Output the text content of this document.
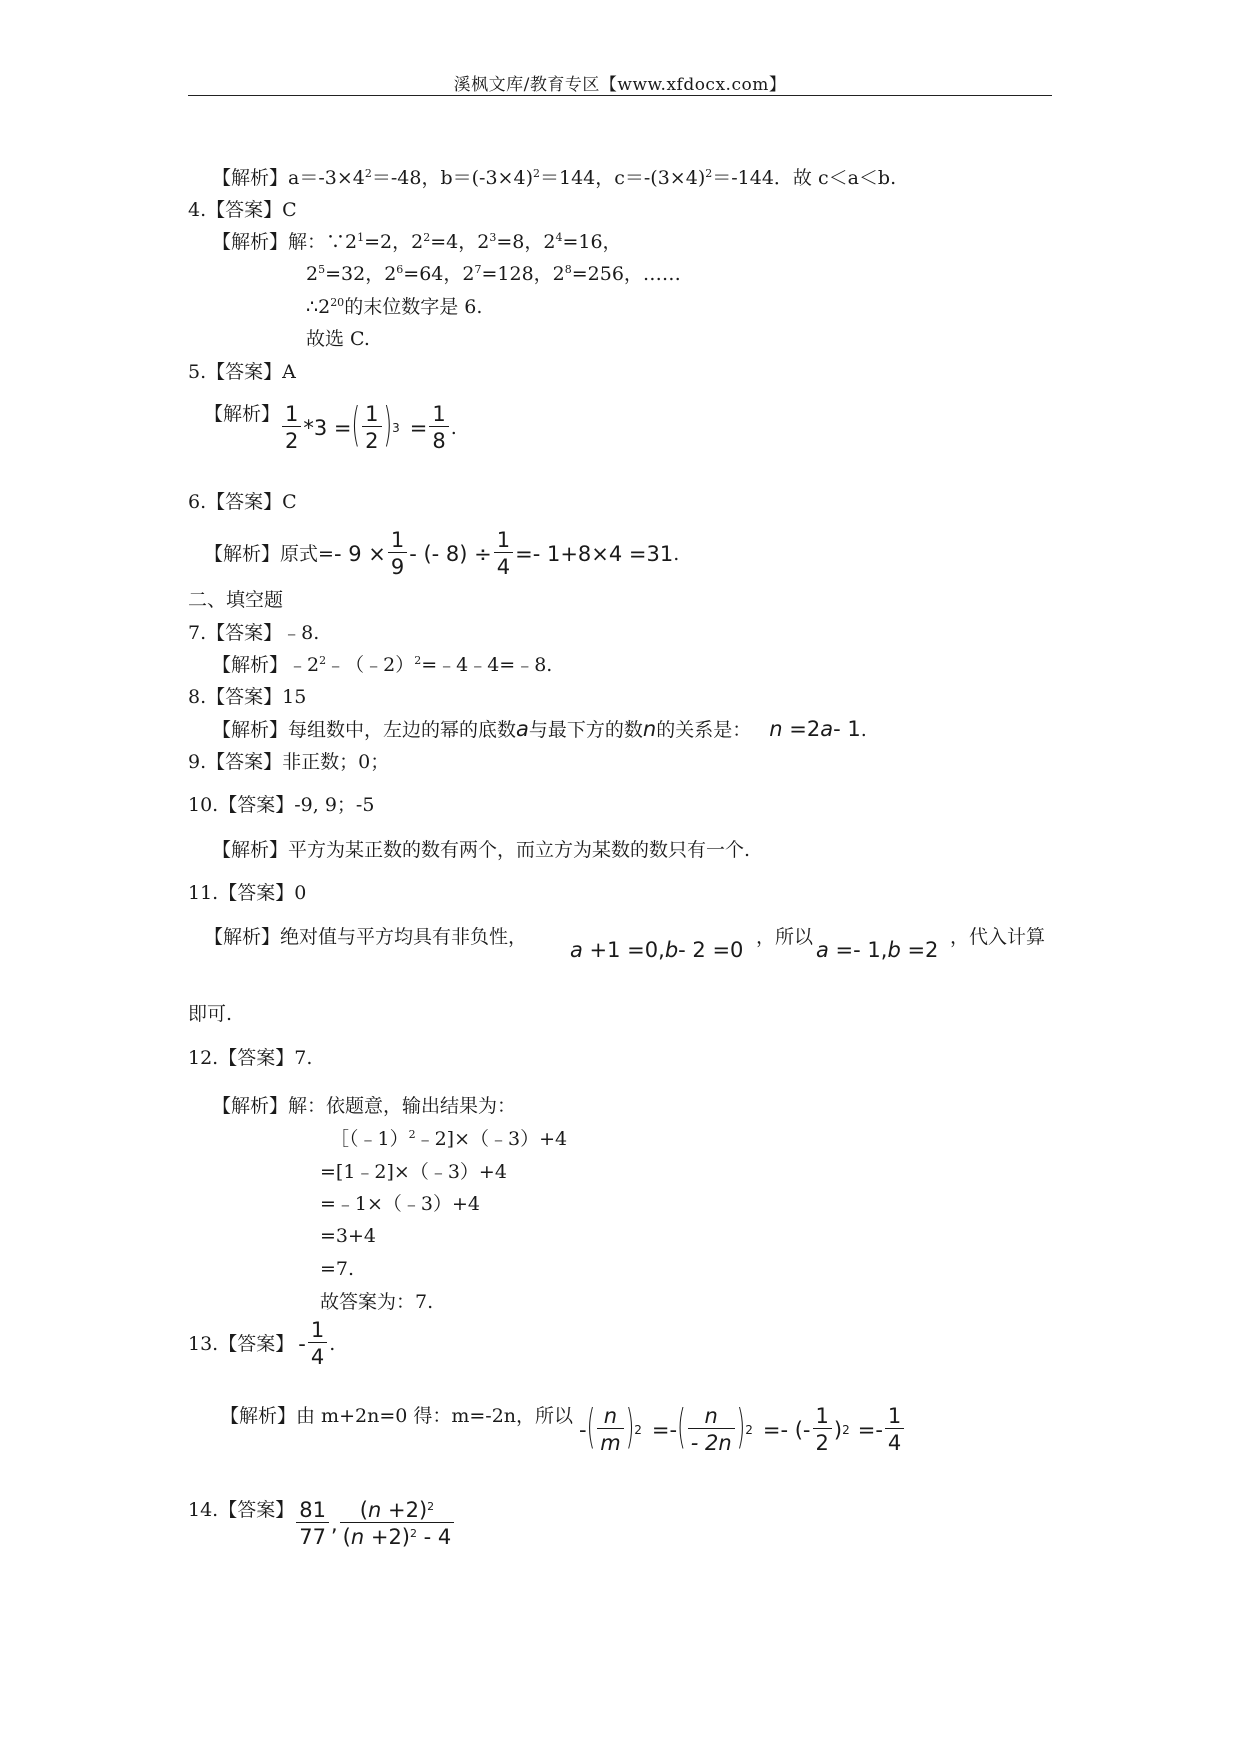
溪枫文库/教育专区【www.xfdocx.com】
【解析】$a=-3\times 4^2=-48$，$b=(-3\times 4)^2=144$，$c=-(3\times 4)^2=-144$．故 c＜a＜b.
4.【答案】C
【解析】解：$\because 2^1=2$，$2^2=4$，$2^3=8$，$2^4=16$，
$2^5=32$，$2^6=64$，$2^7=128$，$2^8=256$，……
$\therefore 2^{20}$的末位数字是 6.
故选 C.
5.【答案】A
【解析】 $\frac{1}{2} *3$ = ( $\frac{1}{2}$ ) $3 = \frac{1}{8}$ .
6.【答案】C
【解析】 原式= - $9 \times \frac{1}{9}$ - (- $8) \div \frac{1}{4} =- 1+8\times 4 =31$ .
二、填空题
7.【答案】﹣8.
【解析】$﹣2^2﹣(﹣2)^2=﹣4﹣4=﹣8$.
8.【答案】15
【解析】每组数中，左边的幂的底数a与最下方的数n的关系是： n =2a- 1.
9.【答案】非正数；0；
10.【答案】-9, 9；-5
【解析】平方为某正数的数有两个，而立方为某数的数只有一个.
11.【答案】0
【解析】绝对值与平方均具有非负性，
a +1 =0,b- 2 =0
，所以
a =- 1,b =2
，代入计算
即可.
12.【答案】7.
【解析】解：依题意，输出结果为：
［（﹣1）$^2$﹣2]×（﹣3）+4
=[1﹣2]×（﹣3）+4
=﹣1×（﹣3）+4
=3+4
=7.
故答案为：7.
13. 【答案】 - $\frac{1}{4}$ .
【解析】 由 m+2n=0 得：m=-2n，所以
- ( $\frac{n}{m}$ ) 2 =- ( $\frac{n}{- 2n}$ ) 2 =- (- $\frac{1}{2}$ ) $2 =- \frac{1}{4}$
14. 【答案】 $\frac{81}{77}$ , $\frac{(n +2)^2}{(n +2)^2 - 4}$
